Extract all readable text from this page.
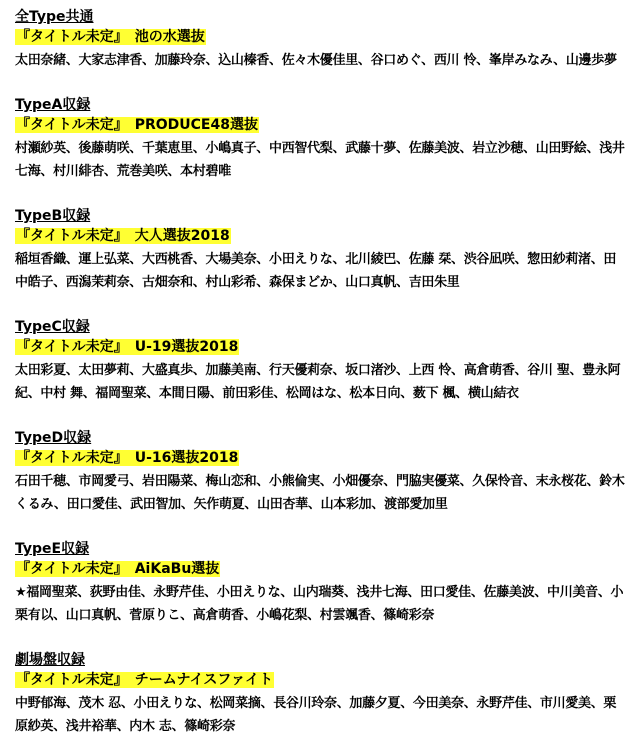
全Type共通
『タイトル未定』　池の水選抜
太田奈緒、大家志津香、加藤玲奈、込山榛香、佐々木優佳里、谷口めぐ、西川 怜、峯岸みなみ、山邊歩夢
TypeA収録
『タイトル未定』　PRODUCE48選抜
村瀬紗英、後藤萌咲、千葉恵里、小嶋真子、中西智代梨、武藤十夢、佐藤美波、岩立沙穂、山田野絵、浅井七海、村川緋杏、荒巻美咲、本村碧唯
TypeB収録
『タイトル未定』　大人選抜2018
稲垣香織、運上弘菜、大西桃香、大場美奈、小田えりな、北川綾巴、佐藤 栞、渋谷凪咲、惣田紗莉渚、田中皓子、西潟茉莉奈、古畑奈和、村山彩希、森保まどか、山口真帆、吉田朱里
TypeC収録
『タイトル未定』　U-19選抜2018
太田彩夏、太田夢莉、大盛真歩、加藤美南、行天優莉奈、坂口渚沙、上西 怜、高倉萌香、谷川 聖、豊永阿紀、中村 舞、福岡聖菜、本間日陽、前田彩佳、松岡はな、松本日向、薮下 楓、横山結衣
TypeD収録
『タイトル未定』　U-16選抜2018
石田千穂、市岡愛弓、岩田陽菜、梅山恋和、小熊倫実、小畑優奈、門脇実優菜、久保怜音、末永桜花、鈴木くるみ、田口愛佳、武田智加、矢作萌夏、山田杏華、山本彩加、渡部愛加里
TypeE収録
『タイトル未定』　AiKaBu選抜
★福岡聖菜、荻野由佳、永野芹佳、小田えりな、山内瑞葵、浅井七海、田口愛佳、佐藤美波、中川美音、小栗有以、山口真帆、菅原りこ、高倉萌香、小嶋花梨、村雲颯香、篠崎彩奈
劇場盤収録
『タイトル未定』　チームナイスファイト
中野郁海、茂木 忍、小田えりな、松岡菜摘、長谷川玲奈、加藤夕夏、今田美奈、永野芹佳、市川愛美、栗原紗英、浅井裕華、内木 志、篠崎彩奈
